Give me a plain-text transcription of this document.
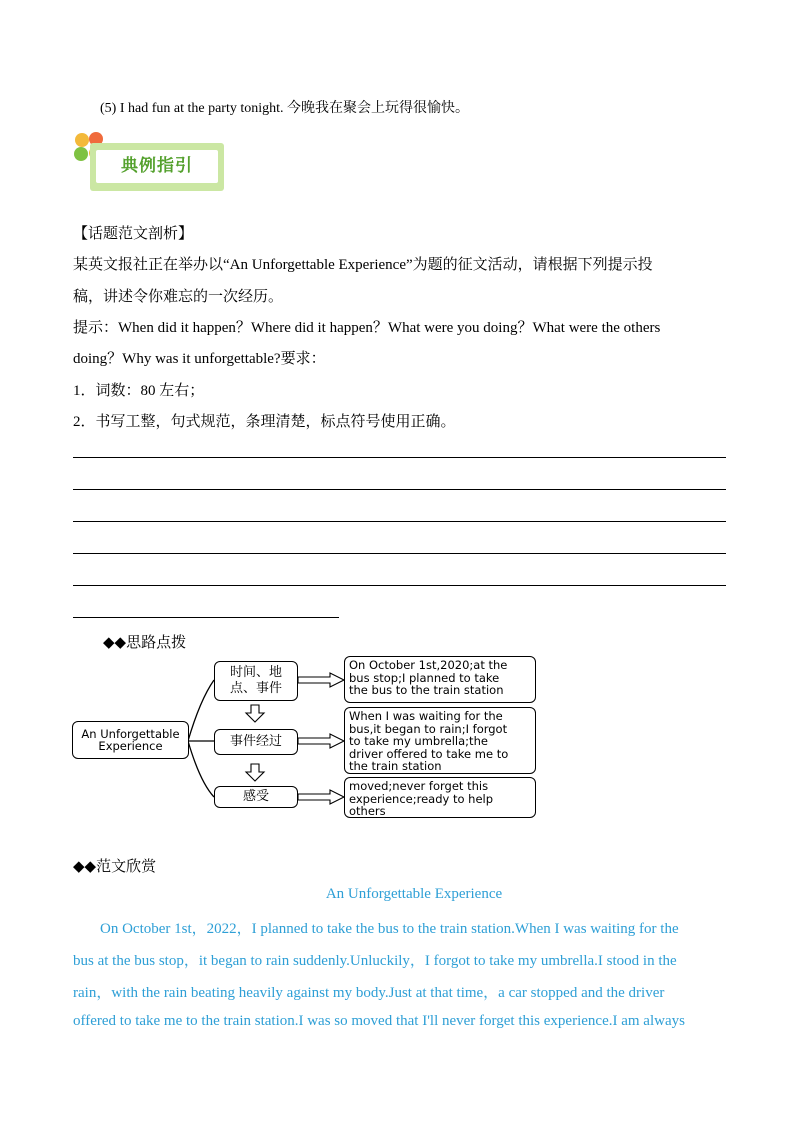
(5) I had fun at the party tonight. 今晚我在聚会上玩得很愉快。
典例指引
【话题范文剖析】
某英文报社正在举办以“An Unforgettable Experience”为题的征文活动，请根据下列提示投
稿，讲述令你难忘的一次经历。
提示：When did it happen？Where did it happen？What were you doing？What were the others
doing？Why was it unforgettable?要求：
1．词数：80 左右；
2．书写工整，句式规范，条理清楚，标点符号使用正确。
◆◆思路点拨
An Unforgettable Experience
时间、地点、事件
事件经过
感受
On October 1st,2020;at the
bus stop;I planned to take
the bus to the train station
When I was waiting for the
bus,it began to rain;I forgot
to take my umbrella;the
driver offered to take me to
the train station
moved;never forget this
experience;ready to help
others
◆◆范文欣赏
An Unforgettable Experience
On October 1st，2022，I planned to take the bus to the train station.When I was waiting for the
bus at the bus stop，it began to rain suddenly.Unluckily，I forgot to take my umbrella.I stood in the
rain，with the rain beating heavily against my body.Just at that time，a car stopped and the driver
offered to take me to the train station.I was so moved that I'll never forget this experience.I am always
